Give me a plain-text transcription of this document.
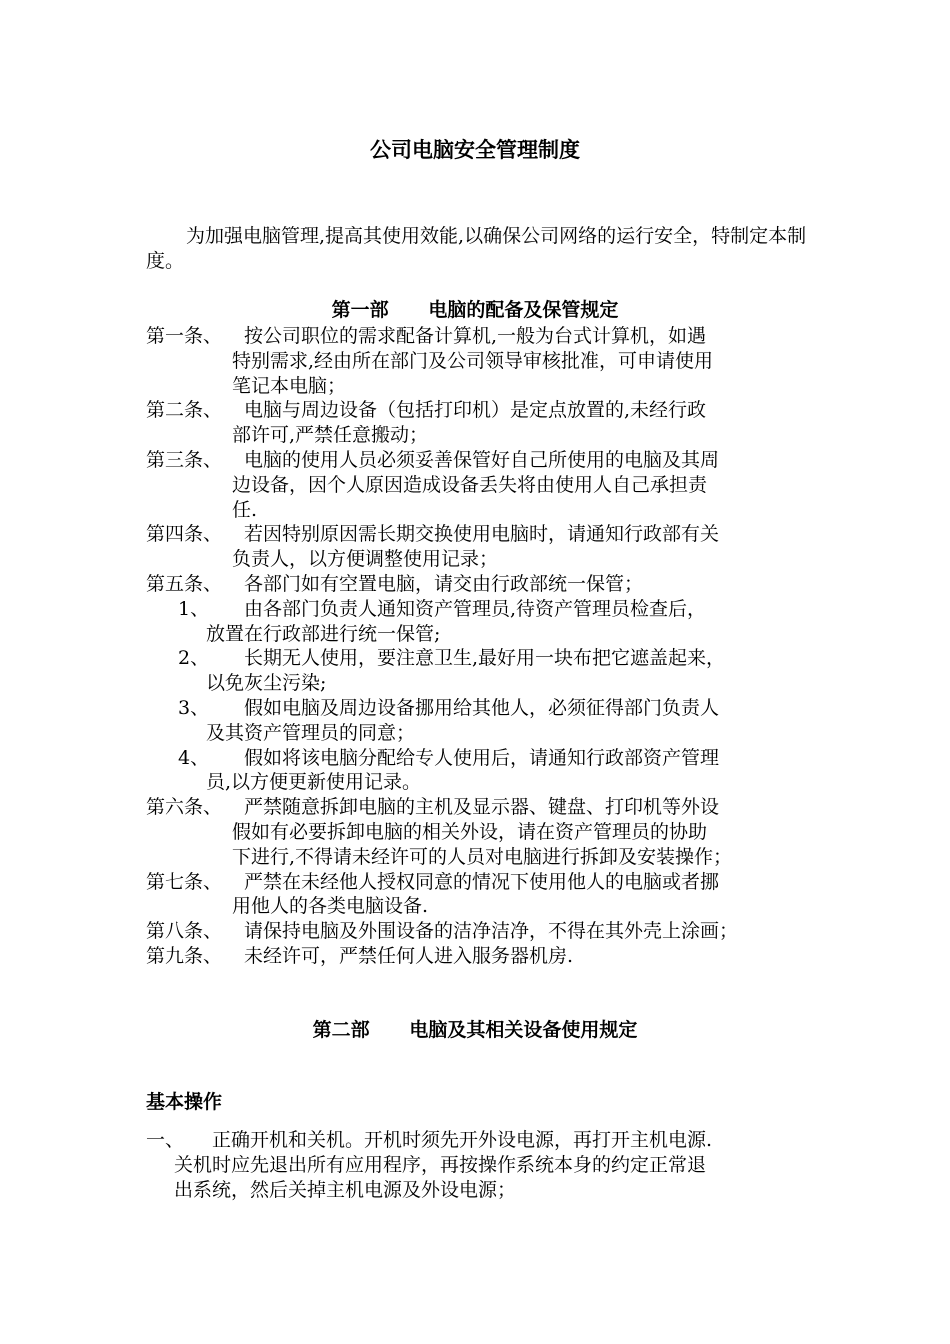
公司电脑安全管理制度
为加强电脑管理,提高其使用效能,以确保公司网络的运行安全，特制定本制度。
第一部      电脑的配备及保管规定
第一条、	按公司职位的需求配备计算机,一般为台式计算机，如遇
特别需求,经由所在部门及公司领导审核批准，可申请使用
笔记本电脑；
第二条、	电脑与周边设备（包括打印机）是定点放置的,未经行政
部许可,严禁任意搬动；
第三条、	电脑的使用人员必须妥善保管好自己所使用的电脑及其周
边设备，因个人原因造成设备丢失将由使用人自己承担责
任.
第四条、	若因特别原因需长期交换使用电脑时，请通知行政部有关
负责人，以方便调整使用记录；
第五条、	各部门如有空置电脑，请交由行政部统一保管；
1、	由各部门负责人通知资产管理员,待资产管理员检查后，
放置在行政部进行统一保管;
2、	长期无人使用，要注意卫生,最好用一块布把它遮盖起来，
以免灰尘污染;
3、	假如电脑及周边设备挪用给其他人，必须征得部门负责人
及其资产管理员的同意；
4、	假如将该电脑分配给专人使用后，请通知行政部资产管理
员,以方便更新使用记录。
第六条、	严禁随意拆卸电脑的主机及显示器、键盘、打印机等外设
假如有必要拆卸电脑的相关外设，请在资产管理员的协助
下进行,不得请未经许可的人员对电脑进行拆卸及安装操作；
第七条、	严禁在未经他人授权同意的情况下使用他人的电脑或者挪
用他人的各类电脑设备.
第八条、	请保持电脑及外围设备的洁净洁净，不得在其外壳上涂画；
第九条、	未经许可，严禁任何人进入服务器机房.
第二部      电脑及其相关设备使用规定
基本操作
一、	正确开机和关机。开机时须先开外设电源，再打开主机电源.
关机时应先退出所有应用程序，再按操作系统本身的约定正常退
出系统，然后关掉主机电源及外设电源；
